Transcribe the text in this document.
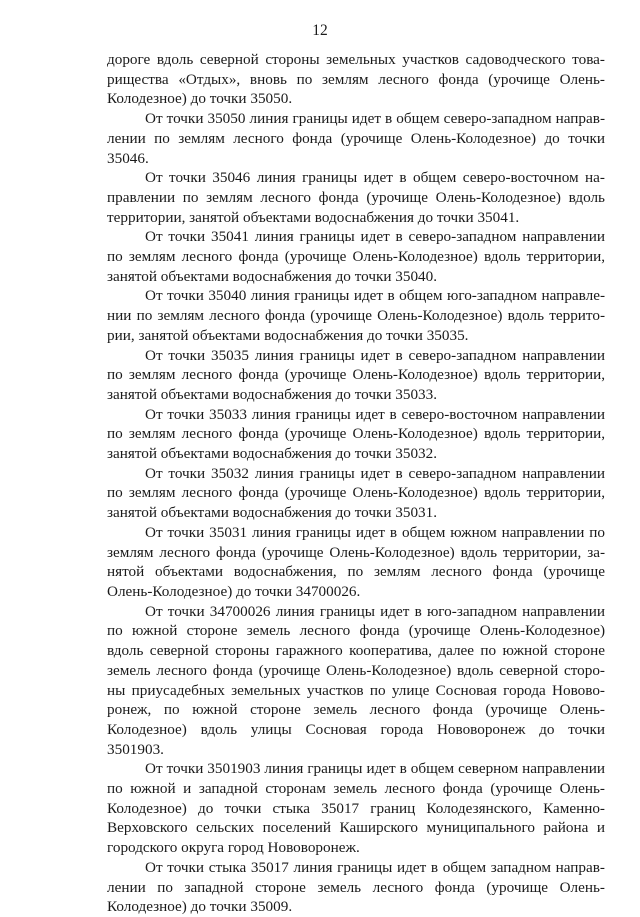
12

дороге вдоль северной стороны земельных участков садоводческого това-
рищества «Отдых», вновь по землям лесного фонда (урочище Олень-
Колодезное) до точки 35050.

От точки 35050 линия границы идет в общем северо-западном направ-
лении по землям лесного фонда (урочище Олень-Колодезное) до точки
35046.

От точки 35046 линия границы идет в общем северо-восточном на-
правлении по землям лесного фонда (урочище Олень-Колодезное) вдоль
территории, занятой объектами водоснабжения до точки 35041.

От точки 35041 линия границы идет в северо-западном направлении
по землям лесного фонда (урочище Олень-Колодезное) вдоль территории,
занятой объектами водоснабжения до точки 35040.

От точки 35040 линия границы идет в общем юго-западном направле-
нии по землям лесного фонда (урочище Олень-Колодезное) вдоль террито-
рии, занятой объектами водоснабжения до точки 35035.

От точки 35035 линия границы идет в северо-западном направлении
по землям лесного фонда (урочище Олень-Колодезное) вдоль территории,
занятой объектами водоснабжения до точки 35033.

От точки 35033 линия границы идет в северо-восточном направлении
по землям лесного фонда (урочище Олень-Колодезное) вдоль территории,
занятой объектами водоснабжения до точки 35032.

От точки 35032 линия границы идет в северо-западном направлении
по землям лесного фонда (урочище Олень-Колодезное) вдоль территории,
занятой объектами водоснабжения до точки 35031.

От точки 35031 линия границы идет в общем южном направлении по
землям лесного фонда (урочище Олень-Колодезное) вдоль территории, за-
нятой объектами водоснабжения, по землям лесного фонда (урочище
Олень-Колодезное) до точки 34700026.

От точки 34700026 линия границы идет в юго-западном направлении
по южной стороне земель лесного фонда (урочище Олень-Колодезное)
вдоль северной стороны гаражного кооператива, далее по южной стороне
земель лесного фонда (урочище Олень-Колодезное) вдоль северной сторо-
ны приусадебных земельных участков по улице Сосновая города Новово-
ронеж, по южной стороне земель лесного фонда (урочище Олень-
Колодезное) вдоль улицы Сосновая города Нововоронеж до точки
3501903.

От точки 3501903 линия границы идет в общем северном направлении
по южной и западной сторонам земель лесного фонда (урочище Олень-
Колодезное) до точки стыка 35017 границ Колодезянского, Каменно-
Верховского сельских поселений Каширского муниципального района и
городского округа город Нововоронеж.

От точки стыка 35017 линия границы идет в общем западном направ-
лении по западной стороне земель лесного фонда (урочище Олень-
Колодезное) до точки 35009.
